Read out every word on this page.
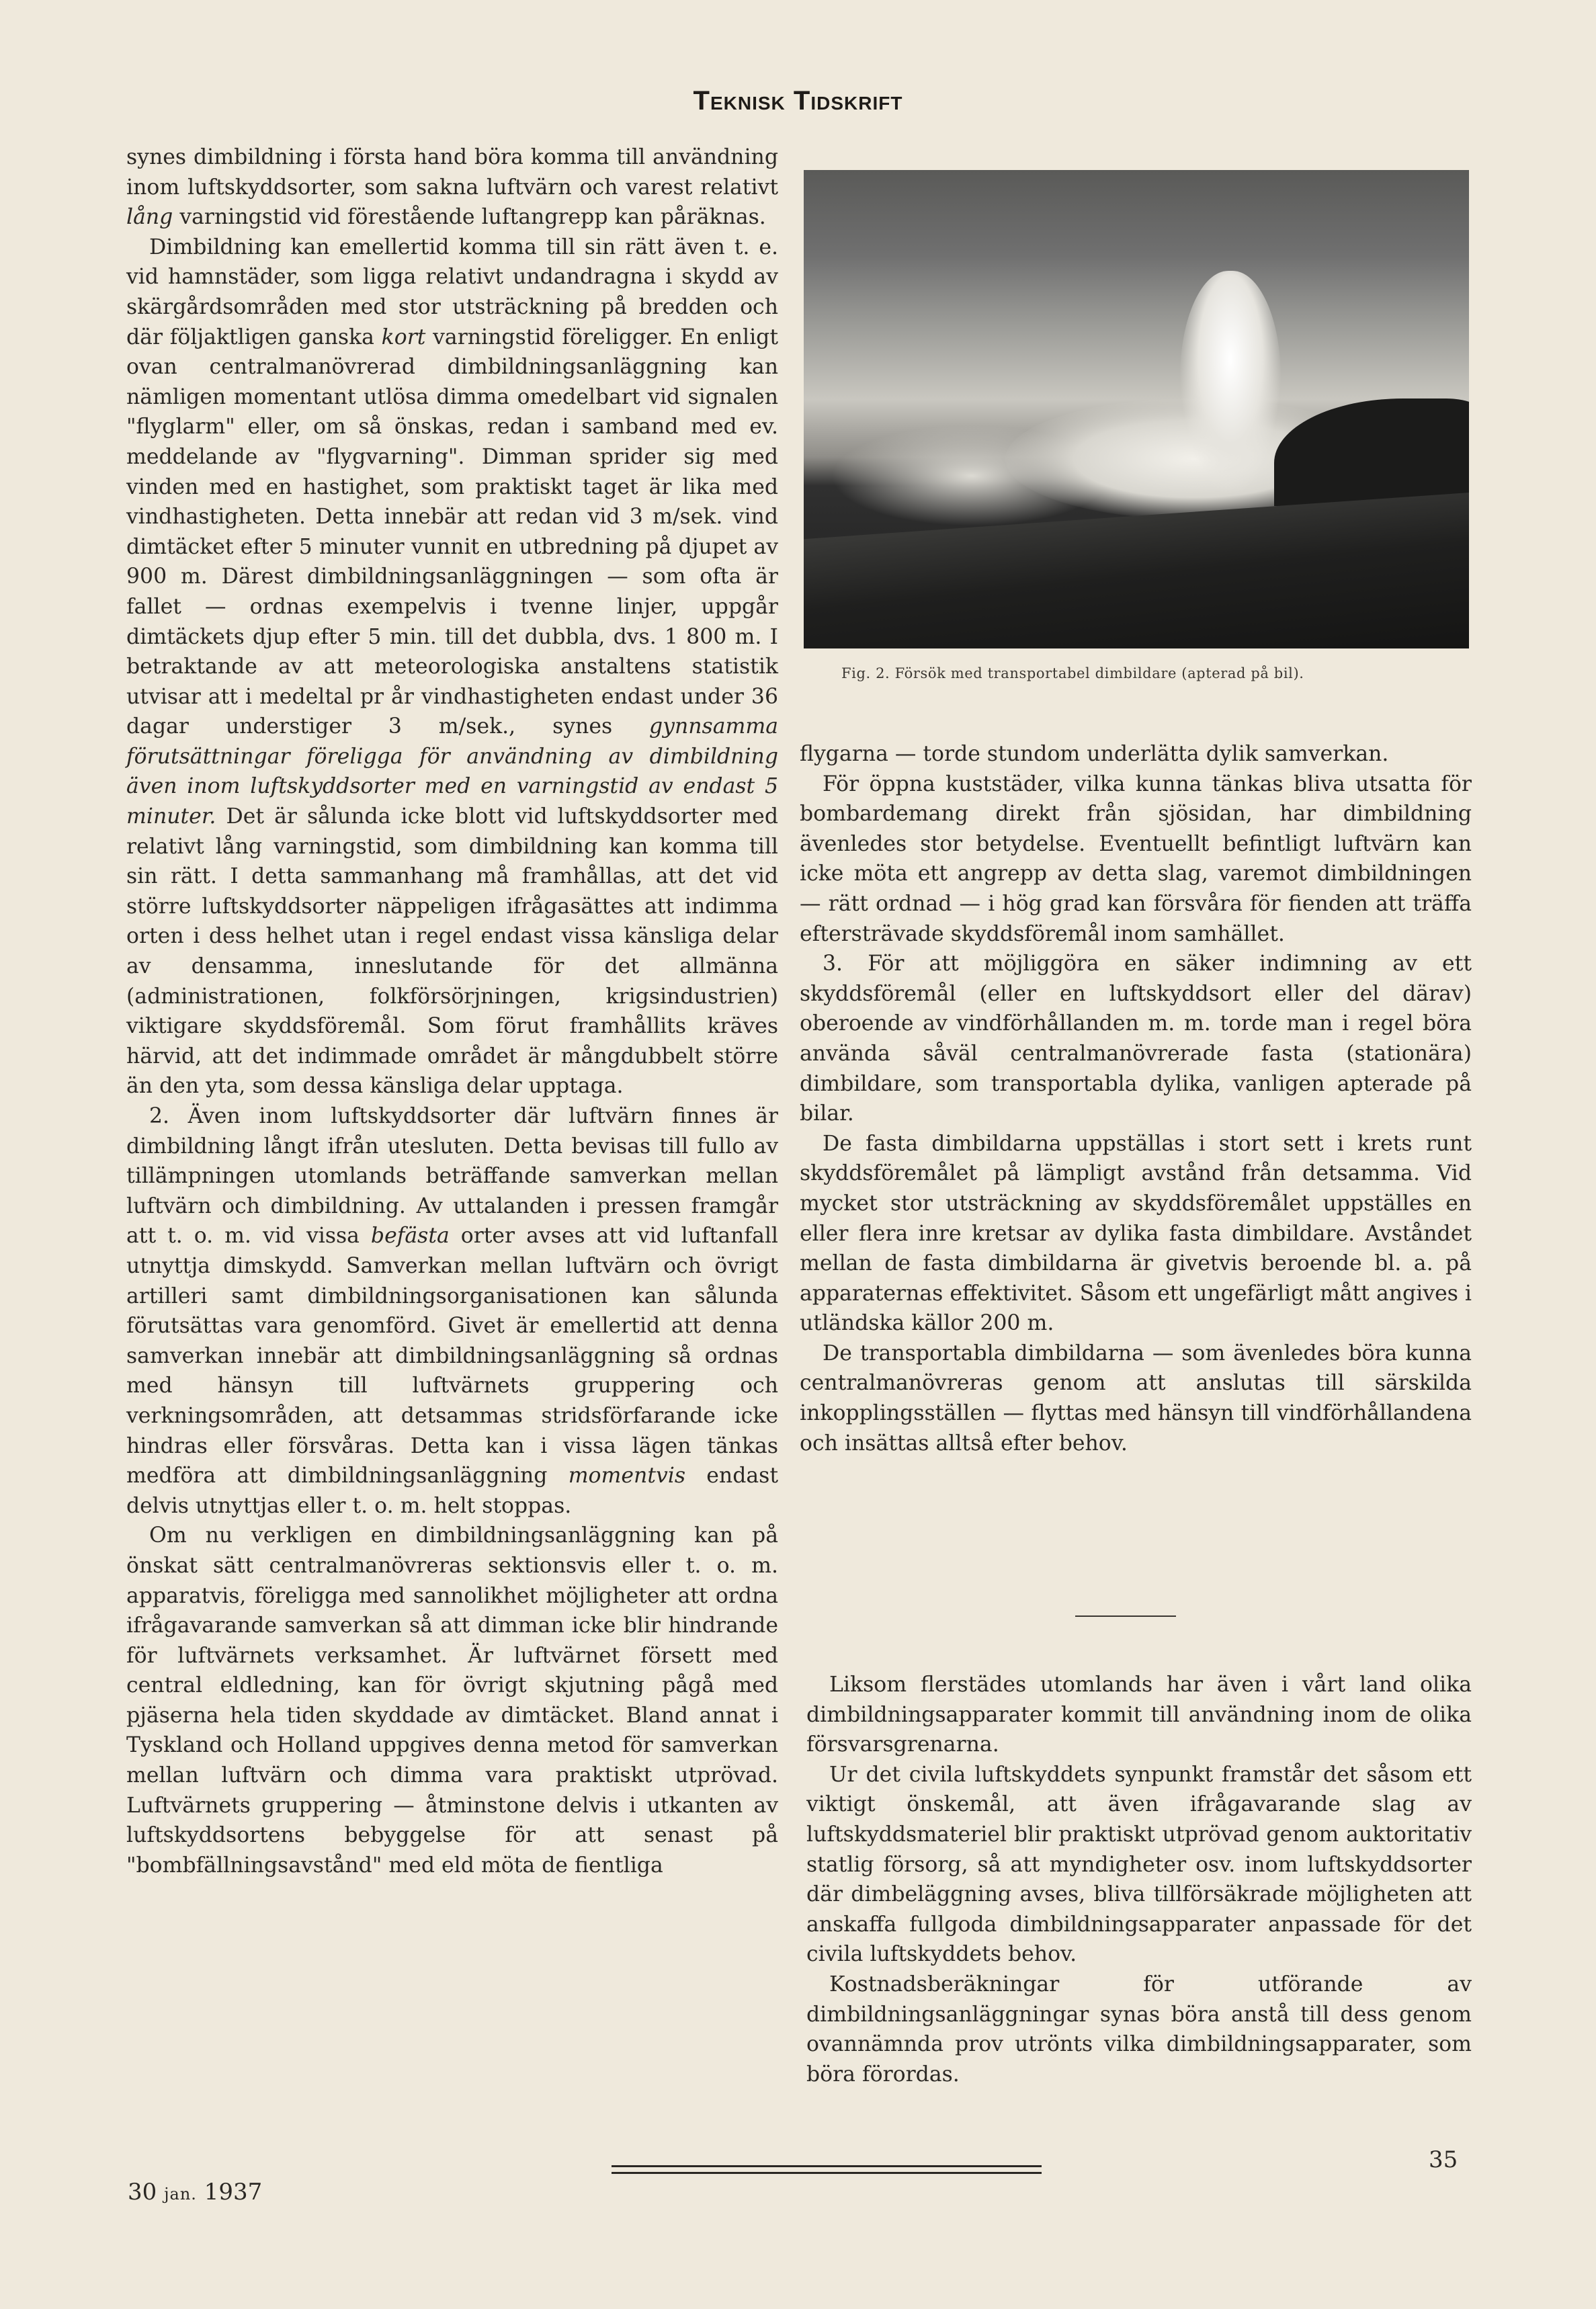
Teknisk Tidskrift

synes dimbildning i första hand böra komma till användning inom luftskyddsorter, som sakna luftvärn och varest relativt lång varningstid vid förestående luftangrepp kan påräknas.

Dimbildning kan emellertid komma till sin rätt även t. e. vid hamnstäder, som ligga relativt undandragna i skydd av skärgårdsområden med stor utsträckning på bredden och där följaktligen ganska kort varningstid föreligger. En enligt ovan centralmanövrerad dimbildningsanläggning kan nämligen momentant utlösa dimma omedelbart vid signalen "flyglarm" eller, om så önskas, redan i samband med ev. meddelande av "flygvarning". Dimman sprider sig med vinden med en hastighet, som praktiskt taget är lika med vindhastigheten. Detta innebär att redan vid 3 m/sek. vind dimtäcket efter 5 minuter vunnit en utbredning på djupet av 900 m. Därest dimbildningsanläggningen — som ofta är fallet — ordnas exempelvis i tvenne linjer, uppgår dimtäckets djup efter 5 min. till det dubbla, dvs. 1 800 m. I betraktande av att meteorologiska anstaltens statistik utvisar att i medeltal pr år vindhastigheten endast under 36 dagar understiger 3 m/sek., synes gynnsamma förutsättningar föreligga för användning av dimbildning även inom luftskyddsorter med en varningstid av endast 5 minuter. Det är sålunda icke blott vid luftskyddsorter med relativt lång varningstid, som dimbildning kan komma till sin rätt. I detta sammanhang må framhållas, att det vid större luftskyddsorter näppeligen ifrågasättes att indimma orten i dess helhet utan i regel endast vissa känsliga delar av densamma, inneslutande för det allmänna (administrationen, folkförsörjningen, krigsindustrien) viktigare skyddsföremål. Som förut framhållits kräves härvid, att det indimmade området är mångdubbelt större än den yta, som dessa känsliga delar upptaga.

2. Även inom luftskyddsorter där luftvärn finnes är dimbildning långt ifrån utesluten. Detta bevisas till fullo av tillämpningen utomlands beträffande samverkan mellan luftvärn och dimbildning. Av uttalanden i pressen framgår att t. o. m. vid vissa befästa orter avses att vid luftanfall utnyttja dimskydd. Samverkan mellan luftvärn och övrigt artilleri samt dimbildningsorganisationen kan sålunda förutsättas vara genomförd. Givet är emellertid att denna samverkan innebär att dimbildningsanläggning så ordnas med hänsyn till luftvärnets gruppering och verkningsområden, att detsammas stridsförfarande icke hindras eller försvåras. Detta kan i vissa lägen tänkas medföra att dimbildningsanläggning momentvis endast delvis utnyttjas eller t. o. m. helt stoppas.

Om nu verkligen en dimbildningsanläggning kan på önskat sätt centralmanövreras sektionsvis eller t. o. m. apparatvis, föreligga med sannolikhet möjligheter att ordna ifrågavarande samverkan så att dimman icke blir hindrande för luftvärnets verksamhet. Är luftvärnet försett med central eldledning, kan för övrigt skjutning pågå med pjäserna hela tiden skyddade av dimtäcket. Bland annat i Tyskland och Holland uppgives denna metod för samverkan mellan luftvärn och dimma vara praktiskt utprövad. Luftvärnets gruppering — åtminstone delvis i utkanten av luftskyddsortens bebyggelse för att senast på "bombfällningsavstånd" med eld möta de fientliga

Fig. 2. Försök med transportabel dimbildare (apterad på bil).

flygarna — torde stundom underlätta dylik samverkan.

För öppna kuststäder, vilka kunna tänkas bliva utsatta för bombardemang direkt från sjösidan, har dimbildning ävenledes stor betydelse. Eventuellt befintligt luftvärn kan icke möta ett angrepp av detta slag, varemot dimbildningen — rätt ordnad — i hög grad kan försvåra för fienden att träffa eftersträvade skyddsföremål inom samhället.

3. För att möjliggöra en säker indimning av ett skyddsföremål (eller en luftskyddsort eller del därav) oberoende av vindförhållanden m. m. torde man i regel böra använda såväl centralmanövrerade fasta (stationära) dimbildare, som transportabla dylika, vanligen apterade på bilar.

De fasta dimbildarna uppställas i stort sett i krets runt skyddsföremålet på lämpligt avstånd från detsamma. Vid mycket stor utsträckning av skyddsföremålet uppställes en eller flera inre kretsar av dylika fasta dimbildare. Avståndet mellan de fasta dimbildarna är givetvis beroende bl. a. på apparaternas effektivitet. Såsom ett ungefärligt mått angives i utländska källor 200 m.

De transportabla dimbildarna — som ävenledes böra kunna centralmanövreras genom att anslutas till särskilda inkopplingsställen — flyttas med hänsyn till vindförhållandena och insättas alltså efter behov.

Liksom flerstädes utomlands har även i vårt land olika dimbildningsapparater kommit till användning inom de olika försvarsgrenarna.

Ur det civila luftskyddets synpunkt framstår det såsom ett viktigt önskemål, att även ifrågavarande slag av luftskyddsmateriel blir praktiskt utprövad genom auktoritativ statlig försorg, så att myndigheter osv. inom luftskyddsorter där dimbeläggning avses, bliva tillförsäkrade möjligheten att anskaffa fullgoda dimbildningsapparater anpassade för det civila luftskyddets behov.

Kostnadsberäkningar för utförande av dimbildningsanläggningar synas böra anstå till dess genom ovannämnda prov utrönts vilka dimbildningsapparater, som böra förordas.

30 jan. 1937
35
